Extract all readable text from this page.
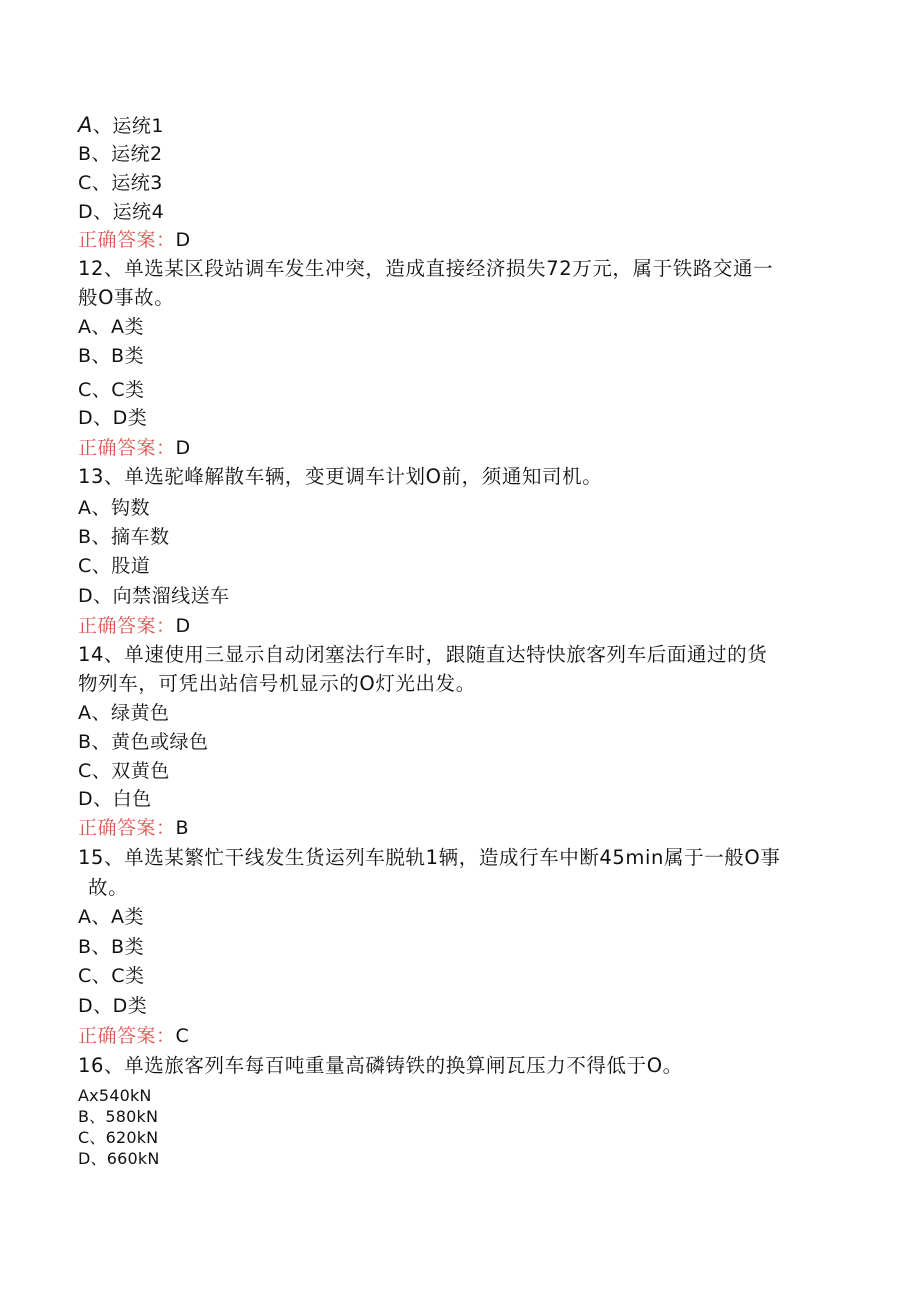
A、运统1
B、运统2
C、运统3
D、运统4
正确答案：D
12、单选某区段站调车发生冲突，造成直接经济损失72万元，属于铁路交通一
般O事故。
A、A类
B、B类
C、C类
D、D类
正确答案：D
13、单选驼峰解散车辆，变更调车计划O前，须通知司机。
A、钩数
B、摘车数
C、股道
D、向禁溜线送车
正确答案：D
14、单速使用三显示自动闭塞法行车时，跟随直达特快旅客列车后面通过的货
物列车，可凭出站信号机显示的O灯光出发。
A、绿黄色
B、黄色或绿色
C、双黄色
D、白色
正确答案：B
15、单选某繁忙干线发生货运列车脱轨1辆，造成行车中断45min属于一般O事
故。
A、A类
B、B类
C、C类
D、D类
正确答案：C
16、单选旅客列车每百吨重量高磷铸铁的换算闸瓦压力不得低于O。
Ax540kN
B、580kN
C、620kN
D、660kN
